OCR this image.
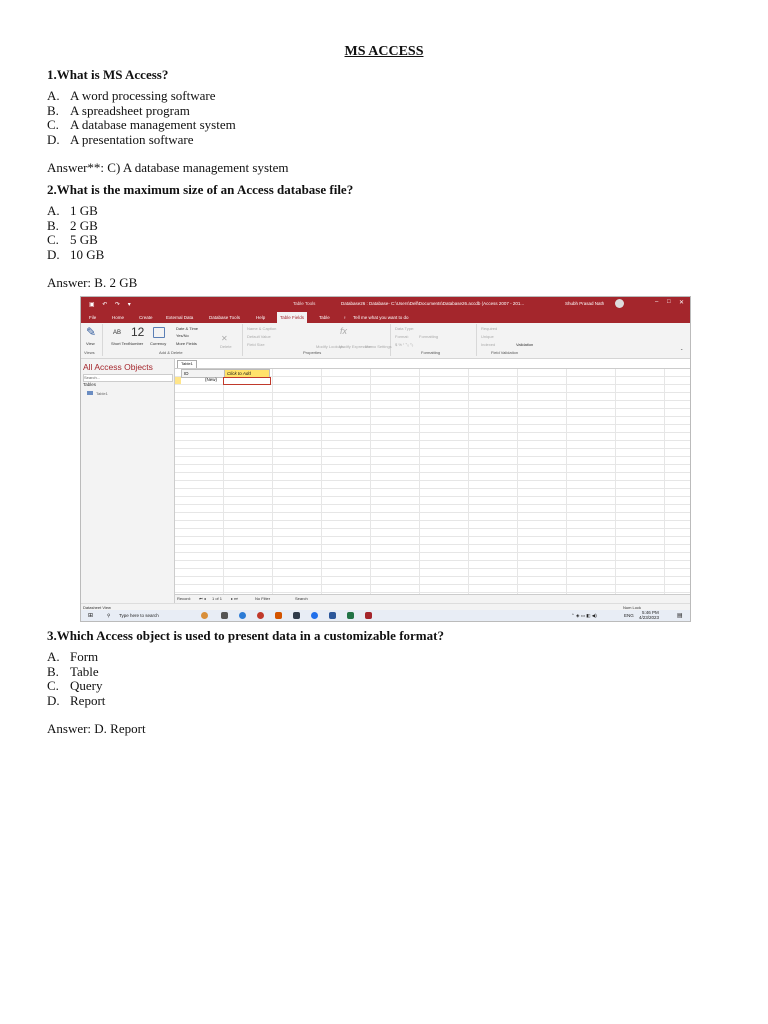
MS ACCESS
1.What is MS Access?
A. A word processing software
B. A spreadsheet program
C. A database management system
D. A presentation software
Answer**: C) A database management system
2.What is the maximum size of an Access database file?
A. 1 GB
B. 2 GB
C. 5 GB
D. 10 GB
Answer: B. 2 GB
▣ ↶ ↷ ▾	Table Tools	Database26 : Database- C:\Users\Dell\Documents\Database26.accdb (Access 2007 - 201...	Shubh Prasad Nath	– □ ✕
File	Home	Create	External Data	Database Tools	Help	Table Fields	Table	♀ Tell me what you want to do
✎
View
Views
AB 12
Short Text Number Currency
Date & Time
Yes/No
More Fields
✕
Delete
Add & Delete
Name & Caption
Default Value
Field Size	Modify Lookups
fx
Modify Expression
Memo Settings
Properties
Data Type:
Format:	Formatting
$ % ⁾ ⁺₀ ⁰₀
Formatting
Required
Unique
Indexed	Validation
Field Validation	⌃
All Access Objects
Search...
Tables
Table1
Table1
ID	Click to Add
(New)
Record: ⏮ ◂ 1 of 1 ▸ ⏭	No Filter	Search
Datasheet View	Num Lock
⊞	⚲ Type here to search	⌃ ◈ ▭ ◧ ◀)	ENG
5:46 PM
4/23/2023	▤
3.Which Access object is used to present data in a customizable format?
A. Form
B. Table
C. Query
D. Report
Answer: D. Report
